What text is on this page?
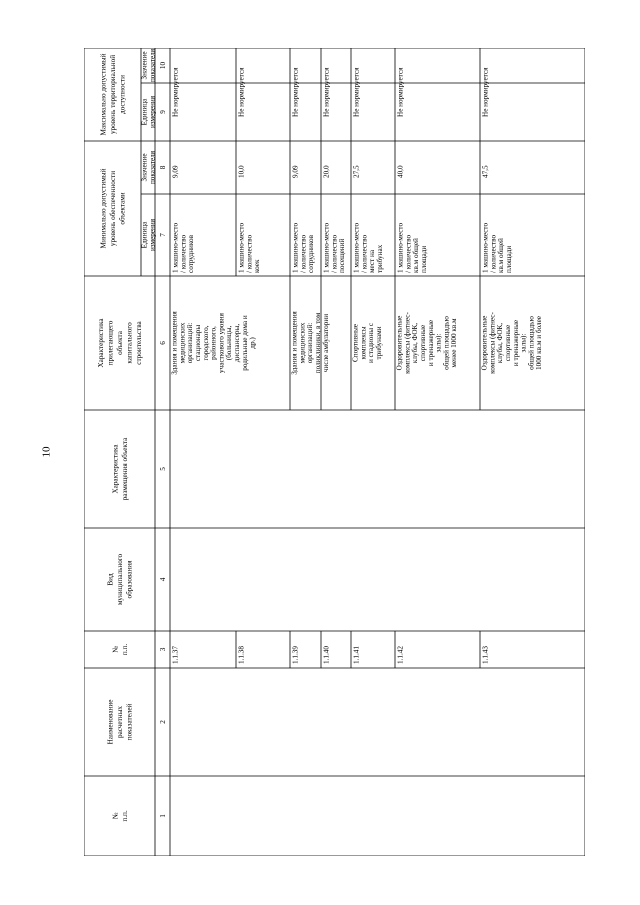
10
№ п.п.
Наименование расчетных показателей
№ п.п.
Вид муниципального образования
Характеристика размещения объекта
Характеристика прилегающего объекта капитального строительства
Минимально допустимый уровень обеспеченности объектами
Единица измерения
Значение показателя
Максимально допустимый уровень территориальной доступности Единица измерения
Значение показателя
1
2
3
4
5
6
7
8
9
10
1.1.37
1 машино-место / количество сотрудников
9,09
Не нормируется
Здания и помещения медицинских организаций: стационары городского, районного, участкового уровня (больницы, диспансеры, родильные дома и др.)
1.1.38
1 машино-место / количество коек
10,0
Не нормируется
1.1.39
1 машино-место / количество сотрудников
9,09
Не нормируется
Здания и помещения медицинских организаций: поликлиники, в том числе амбулатории
1.1.40
1 машино-место / количество посещений
20,0
Не нормируется
1.1.41
1 машино-место / количество мест на трибунах
27,5
Не нормируется
Спортивные комплексы и стадионы с трибунами
1.1.42
1 машино-место / количество кв.м общей площади
40,0
Не нормируется
Оздоровительные комплексы (фитнес- клубы, ФОК, спортивные и тренажерные залы): общей площадью менее 1000 кв.м
1.1.43
1 машино-место / количество кв.м общей площади
47,5
Не нормируется
Оздоровительные комплексы (фитнес- клубы, ФОК, спортивные и тренажерные залы): общей площадью 1000 кв.м и более
